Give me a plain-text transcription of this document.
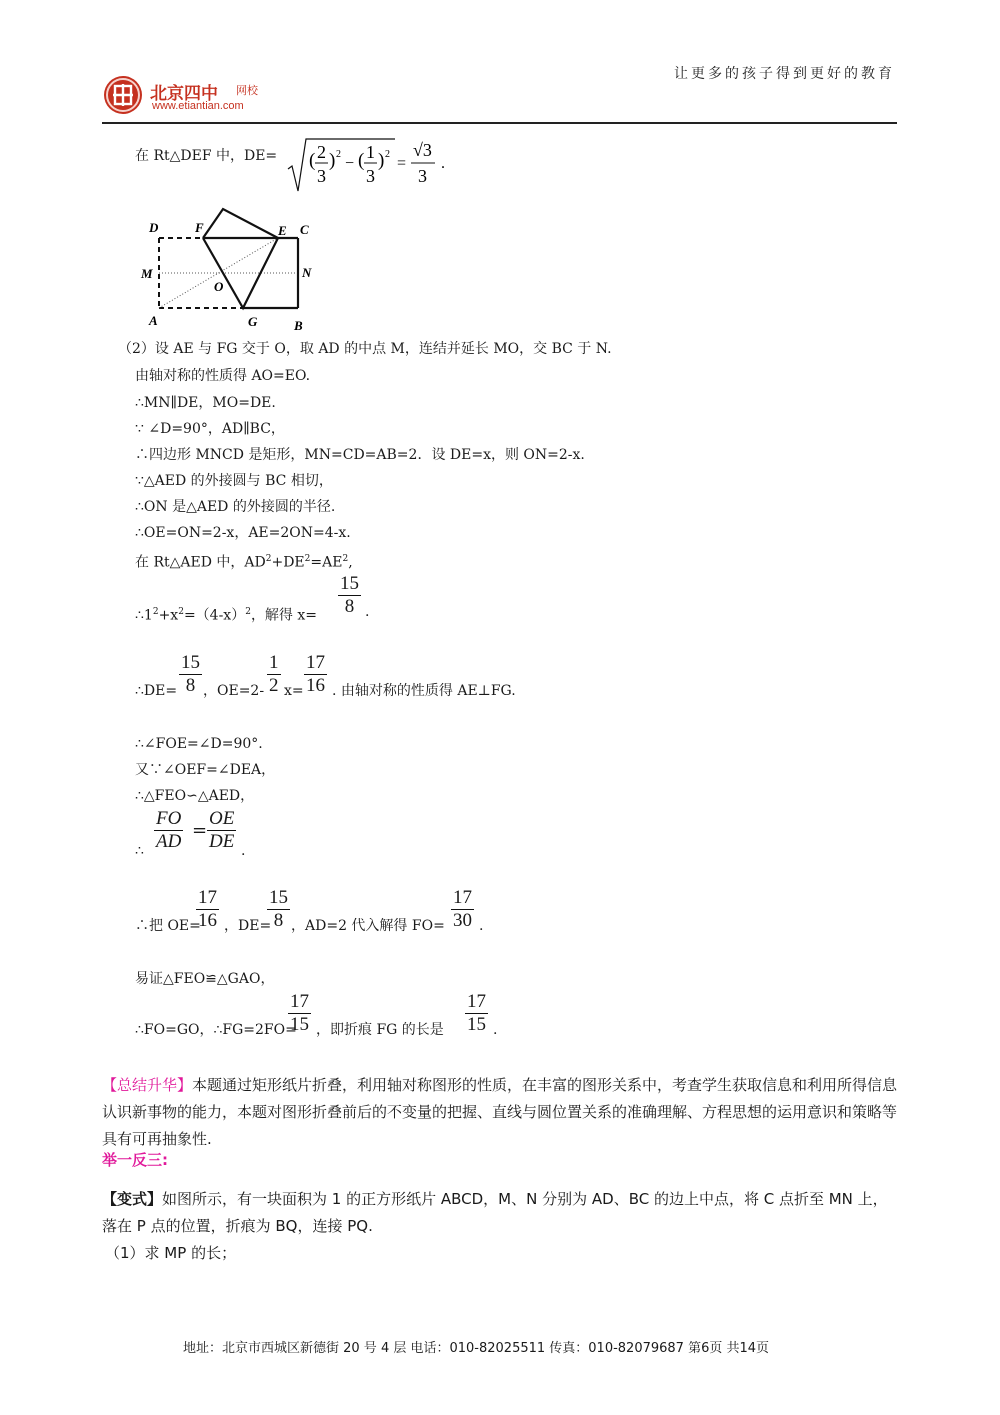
让更多的孩子得到更好的教育
北京四中 网校
www.etiantian.com
在 Rt△DEF 中，DE= ( 2
3
) 2
− ( 1
3
) 2
=
√3
3
.
D	F	E C
M	N
O
A	G	B
（2）设 AE 与 FG 交于 O，取 AD 的中点 M，连结并延长 MO，交 BC 于 N.
由轴对称的性质得 AO=EO.
∴MN∥DE，MO=DE.
∵ ∠D=90°，AD∥BC，
∴四边形 MNCD 是矩形，MN=CD=AB=2．设 DE=x，则 ON=2-x.
∵△AED 的外接圆与 BC 相切，
∴ON 是△AED 的外接圆的半径.
∴OE=ON=2-x，AE=2ON=4-x.
在 Rt△AED 中，$AD^2+DE^2=AE^2$,
$\therefore 1^2+x^2=(4-x)^2$，解得 $x= \frac{15}{8}$ .
∴DE= $\frac{15}{8}$ ，$OE=2- \frac{1}{2} x= \frac{17}{16}$ . 由轴对称的性质得 AE⊥FG.
∴∠FOE=∠D=90°.
又∵∠OEF=∠DEA，
∴△FEO∽△AED，
∴ $\frac{FO}{AD} = \frac{OE}{DE}$ .
∴把 OE=
$\frac{17}{16}$ ，DE=
$\frac{15}{8}$ ，AD=2 代入解得 $FO= \frac{17}{30}$ .
易证△FEO≌△GAO，
∴FO=GO，∴FG=2FO=
$\frac{17}{15}$ ，即折痕 FG 的长是 $\frac{17}{15}$ .
【总结升华】本题通过矩形纸片折叠，利用轴对称图形的性质，在丰富的图形关系中，考查学生获取信息和利用所得信息认识新事物的能力，本题对图形折叠前后的不变量的把握、直线与圆位置关系的准确理解、方程思想的运用意识和策略等具有可再抽象性.
举一反三:
【变式】如图所示，有一块面积为 1 的正方形纸片 ABCD，M、N 分别为 AD、BC 的边上中点，将 C 点折至 MN 上，落在 P 点的位置，折痕为 BQ，连接 PQ.
（1）求 MP 的长；
地址：北京市西城区新德街 20 号 4 层 电话：010-82025511 传真：010-82079687 第6页 共14页
